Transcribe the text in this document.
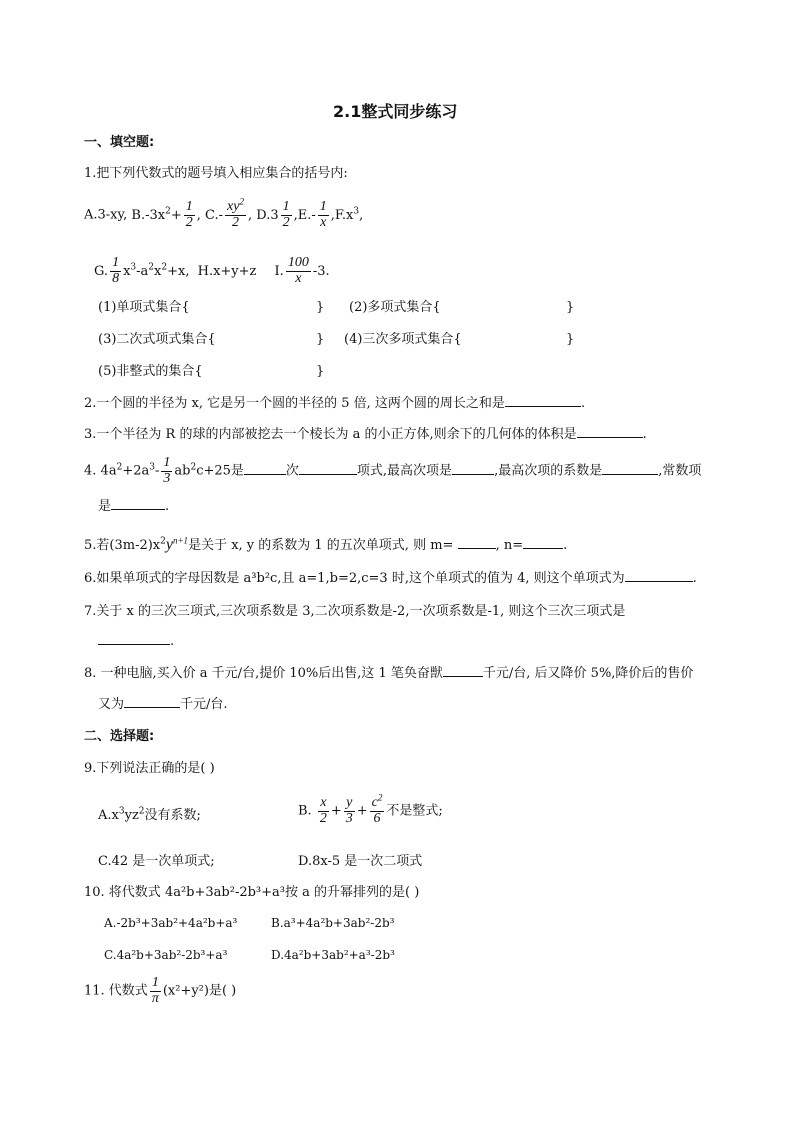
2.1整式同步练习
一、填空题:
1.把下列代数式的题号填入相应集合的括号内:
A.3-xy, $B.-3x^2+ \frac{1}{2}$ , $C.- \frac{xy^2}{2}$ , $D.3 \frac{1}{2} ,E.- \frac{1}{x} ,F.x^3$,
G. $\frac{1}{8} x^3-a^2x^2+x$, H.x+y+z I. $\frac{100}{x} -3$.
(1)单项式集合{	} (2)多项式集合{	}
(3)二次式项式集合{	} (4)三次多项式集合{	}
(5)非整式的集合{	}
2.一个圆的半径为 x, 它是另一个圆的半径的 5 倍, 这两个圆的周长之和是	.
3.一个半径为 R 的球的内部被挖去一个棱长为 a 的小正方体,则余下的几何体的体积是	.
4. $4a^2+2a^3- \frac{1}{3} ab^2c+25$是	次	项式,最高次项是	,最高次项的系数是	,常数项
是	.
5.若$(3m-2)x^2y^{n+1}$是关于 x, y 的系数为 1 的五次单项式, 则 m=	, n=	.
6.如果单项式的字母因数是 a³b²c,且 a=1,b=2,c=3 时,这个单项式的值为 4, 则这个单项式为	.
7.关于 x 的三次三项式,三次项系数是 3,二次项系数是-2,一次项系数是-1, 则这个三次三项式是
.
8. 一种电脑,买入价 a 千元/台,提价 10%后出售,这 1 笔奂奋獣	千元/台, 后又降价 5%,降价后的售价
又为	千元/台.
二、选择题:
9.下列说法正确的是( )
$A.x^3yz^2$没有系数;	B. $\frac{x}{2} + \frac{y}{3} + \frac{c^2}{6}$ 不是整式;
C.42 是一次单项式;	D.8x-5 是一次二项式
10. 将代数式 4a²b+3ab²-2b³+a³按 a 的升幂排列的是( )
A.-2b³+3ab²+4a²b+a³	B.a³+4a²b+3ab²-2b³
C.4a²b+3ab²-2b³+a³	D.4a²b+3ab²+a³-2b³
11. 代数式 $\frac{1}{\pi} (x^2+y^2)$是( )
